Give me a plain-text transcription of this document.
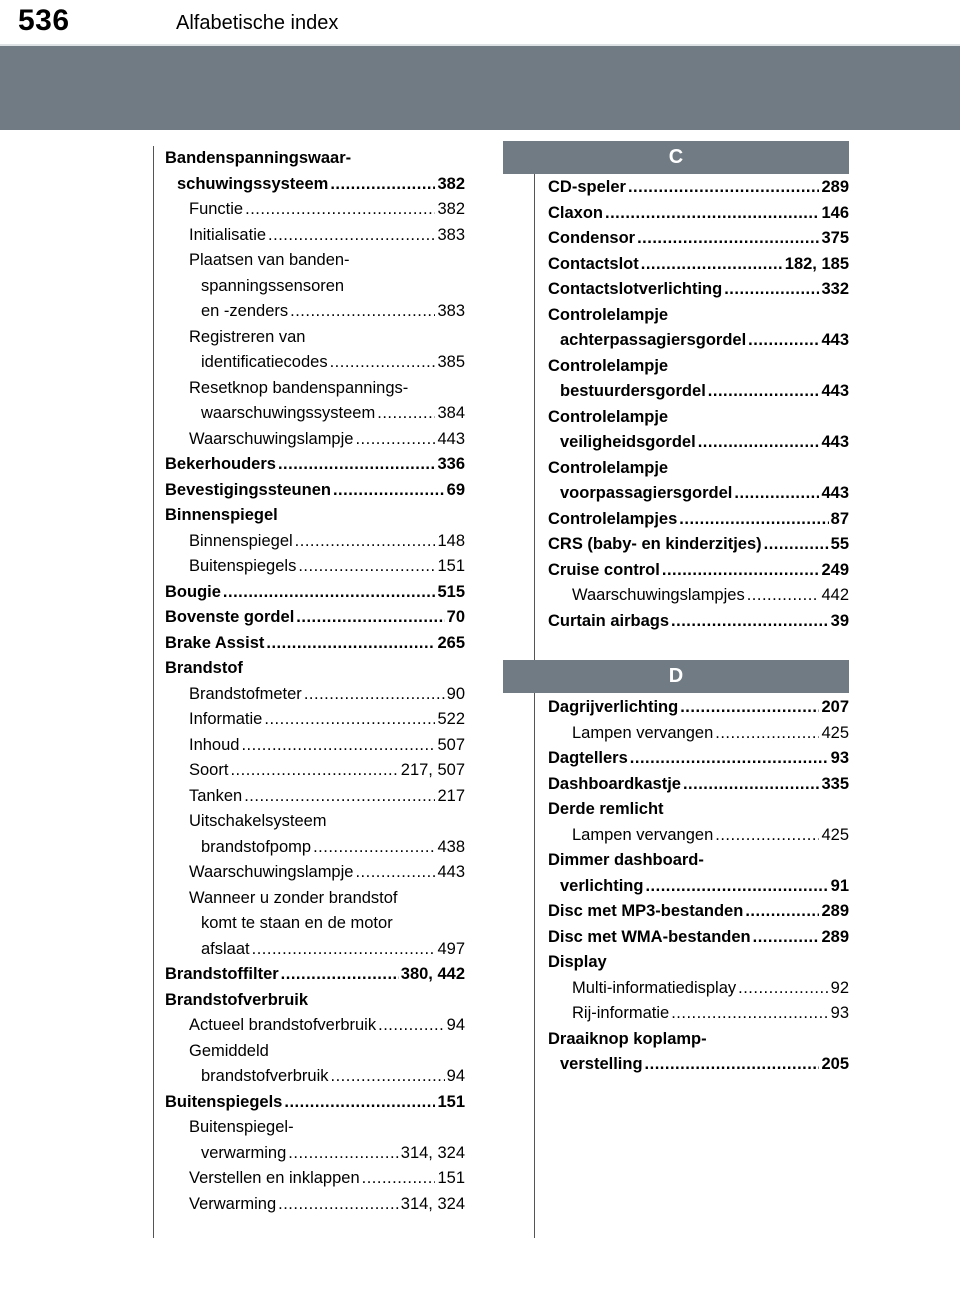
536	Alfabetische index
Bandenspanningswaar-
schuwingssysteem .....	382
Functie .....	382
Initialisatie .....	383
Plaatsen van banden-
spanningssensoren
en -zenders .....	383
Registreren van
identificatiecodes .....	385
Resetknop bandenspannings-
waarschuwingssysteem .....	384
Waarschuwingslampje .....	443
Bekerhouders .....	336
Bevestigingssteunen .....	69
Binnenspiegel
Binnenspiegel .....	148
Buitenspiegels .....	151
Bougie .....	515
Bovenste gordel .....	70
Brake Assist .....	265
Brandstof
Brandstofmeter .....	90
Informatie .....	522
Inhoud .....	507
Soort .....	217, 507
Tanken .....	217
Uitschakelsysteem
brandstofpomp .....	438
Waarschuwingslampje .....	443
Wanneer u zonder brandstof
komt te staan en de motor
afslaat .....	497
Brandstoffilter .....	380, 442
Brandstofverbruik
Actueel brandstofverbruik .....	94
Gemiddeld
brandstofverbruik .....	94
Buitenspiegels .....	151
Buitenspiegel-
verwarming .....	314, 324
Verstellen en inklappen .....	151
Verwarming .....	314, 324
C
CD-speler .....	289
Claxon .....	146
Condensor .....	375
Contactslot .....	182, 185
Contactslotverlichting .....	332
Controlelampje
achterpassagiersgordel .....	443
Controlelampje
bestuurdersgordel .....	443
Controlelampje
veiligheidsgordel .....	443
Controlelampje
voorpassagiersgordel .....	443
Controlelampjes .....	87
CRS (baby- en kinderzitjes) .....	55
Cruise control .....	249
Waarschuwingslampjes .....	442
Curtain airbags .....	39
D
Dagrijverlichting .....	207
Lampen vervangen .....	425
Dagtellers .....	93
Dashboardkastje .....	335
Derde remlicht
Lampen vervangen .....	425
Dimmer dashboard-
verlichting .....	91
Disc met MP3-bestanden .....	289
Disc met WMA-bestanden .....	289
Display
Multi-informatiedisplay .....	92
Rij-informatie .....	93
Draaiknop koplamp-
verstelling .....	205
